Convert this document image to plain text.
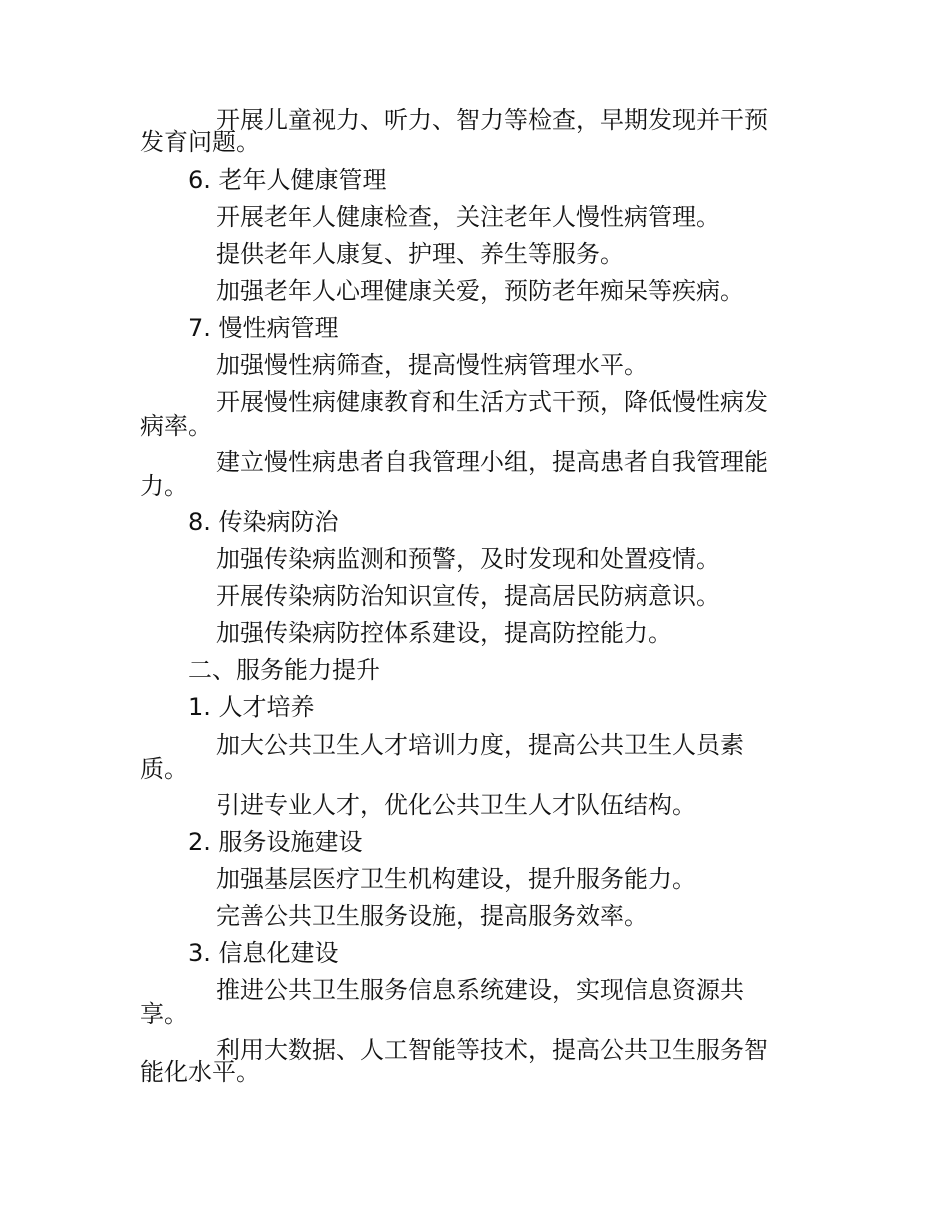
开展儿童视力、听力、智力等检查，早期发现并干预

发育问题。

6. 老年人健康管理

开展老年人健康检查，关注老年人慢性病管理。

提供老年人康复、护理、养生等服务。

加强老年人心理健康关爱，预防老年痴呆等疾病。

7. 慢性病管理

加强慢性病筛查，提高慢性病管理水平。

开展慢性病健康教育和生活方式干预，降低慢性病发

病率。

建立慢性病患者自我管理小组，提高患者自我管理能

力。

8. 传染病防治

加强传染病监测和预警，及时发现和处置疫情。

开展传染病防治知识宣传，提高居民防病意识。

加强传染病防控体系建设，提高防控能力。

二、服务能力提升

1. 人才培养

加大公共卫生人才培训力度，提高公共卫生人员素

质。

引进专业人才，优化公共卫生人才队伍结构。

2. 服务设施建设

加强基层医疗卫生机构建设，提升服务能力。

完善公共卫生服务设施，提高服务效率。

3. 信息化建设

推进公共卫生服务信息系统建设，实现信息资源共

享。

利用大数据、人工智能等技术，提高公共卫生服务智

能化水平。
